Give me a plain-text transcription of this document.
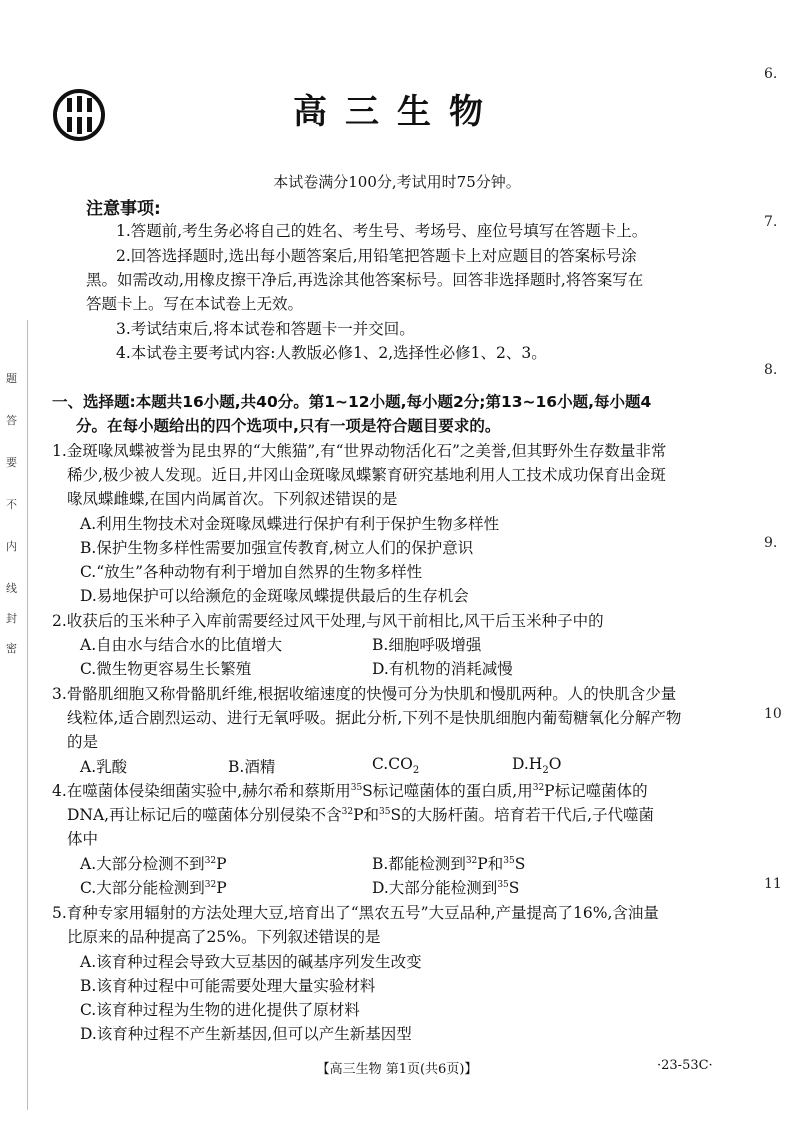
高三生物
本试卷满分100分,考试用时75分钟。
注意事项:
1.答题前,考生务必将自己的姓名、考生号、考场号、座位号填写在答题卡上。
2.回答选择题时,选出每小题答案后,用铅笔把答题卡上对应题目的答案标号涂
黑。如需改动,用橡皮擦干净后,再选涂其他答案标号。回答非选择题时,将答案写在
答题卡上。写在本试卷上无效。
3.考试结束后,将本试卷和答题卡一并交回。
4.本试卷主要考试内容:人教版必修1、2,选择性必修1、2、3。
一、选择题:本题共16小题,共40分。第1~12小题,每小题2分;第13~16小题,每小题4
分。在每小题给出的四个选项中,只有一项是符合题目要求的。
1.金斑喙凤蝶被誉为昆虫界的“大熊猫”,有“世界动物活化石”之美誉,但其野外生存数量非常
稀少,极少被人发现。近日,井冈山金斑喙凤蝶繁育研究基地利用人工技术成功保育出金斑
喙凤蝶雌蝶,在国内尚属首次。下列叙述错误的是
A.利用生物技术对金斑喙凤蝶进行保护有利于保护生物多样性
B.保护生物多样性需要加强宣传教育,树立人们的保护意识
C.“放生”各种动物有利于增加自然界的生物多样性
D.易地保护可以给濒危的金斑喙凤蝶提供最后的生存机会
2.收获后的玉米种子入库前需要经过风干处理,与风干前相比,风干后玉米种子中的
A.自由水与结合水的比值增大	B.细胞呼吸增强
C.微生物更容易生长繁殖	D.有机物的消耗减慢
3.骨骼肌细胞又称骨骼肌纤维,根据收缩速度的快慢可分为快肌和慢肌两种。人的快肌含少量
线粒体,适合剧烈运动、进行无氧呼吸。据此分析,下列不是快肌细胞内葡萄糖氧化分解产物
的是
A.乳酸	B.酒精	$C.CO_2$	$D.H_2O$
4.在噬菌体侵染细菌实验中,赫尔希和蔡斯用$^{35}$S标记噬菌体的蛋白质,用$^{32}$P标记噬菌体的
DNA,再让标记后的噬菌体分别侵染不含$^{32}$P和$^{35}$S的大肠杆菌。培育若干代后,子代噬菌
体中
A.大部分检测不到$^{32}$P	B.都能检测到$^{32}$P和$^{35}$S
C.大部分能检测到$^{32}$P	D.大部分能检测到$^{35}$S
5.育种专家用辐射的方法处理大豆,培育出了“黑农五号”大豆品种,产量提高了16%,含油量
比原来的品种提高了25%。下列叙述错误的是
A.该育种过程会导致大豆基因的碱基序列发生改变
B.该育种过程中可能需要处理大量实验材料
C.该育种过程为生物的进化提供了原材料
D.该育种过程不产生新基因,但可以产生新基因型
【高三生物 第1页(共6页)】	·23-53C·
题
答
要
不
内
线
封
密
6.
7.
8.
9.
10
11
